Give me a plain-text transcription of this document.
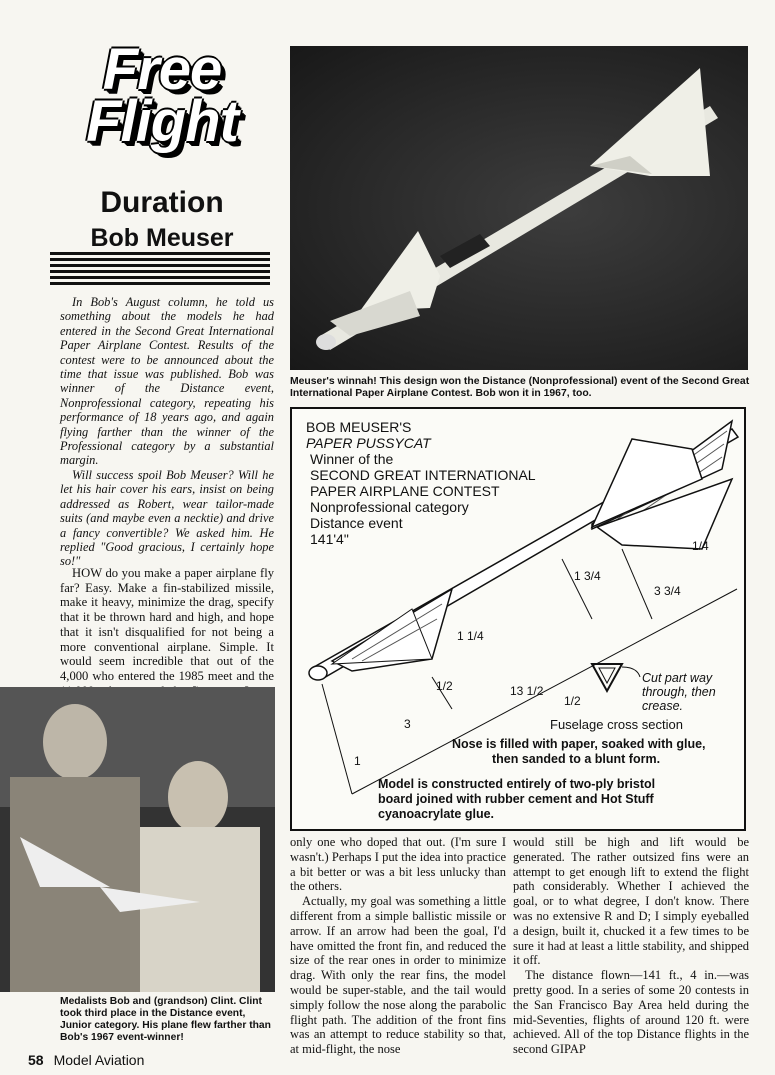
Free
Flight
Duration
Bob Meuser

In Bob's August column, he told us something about the models he had entered in the Second Great International Paper Airplane Contest. Results of the contest were to be announced about the time that issue was published. Bob was winner of the Distance event, Nonprofessional category, repeating his performance of 18 years ago, and again flying farther than the winner of the Professional category by a substantial margin.

Will success spoil Bob Meuser? Will he let his hair cover his ears, insist on being addressed as Robert, wear tailor-made suits (and maybe even a necktie) and drive a fancy convertible? We asked him. He replied "Good gracious, I certainly hope so!"

HOW do you make a paper airplane fly far? Easy. Make a fin-stabilized missile, make it heavy, minimize the drag, specify that it be thrown hard and high, and hope that it isn't disqualified for not being a more conventional airplane. Simple. It would seem incredible that out of the 4,000 who entered the 1985 meet and the

Meuser's winnah! This design won the Distance (Nonprofessional) event of the Second Great International Paper Airplane Contest. Bob won it in 1967, too.
BOB MEUSER'S
PAPER PUSSYCAT
Winner of the
SECOND GREAT INTERNATIONAL
PAPER AIRPLANE CONTEST
Nonprofessional category
Distance event
141'4"	1/4
1 3/4
3 3/4
1 1/4
1/2
1/2
13 1/2
3
1
Cut part way
through, then
crease.
Fuselage cross section
Nose is filled with paper, soaked with glue,
then sanded to a blunt form.
Model is constructed entirely of two-ply bristol
board joined with rubber cement and Hot Stuff
cyanoacrylate glue.
Medalists Bob and (grandson) Clint. Clint took third place in the Distance event, Junior category. His plane flew farther than Bob's 1967 event-winner!

only one who doped that out. (I'm sure I wasn't.) Perhaps I put the idea into practice a bit better or was a bit less unlucky than the others.

Actually, my goal was something a little different from a simple ballistic missile or arrow. If an arrow had been the goal, I'd have omitted the front fin, and reduced the size of the rear ones in order to minimize drag. With only the rear fins, the model would be super-stable, and the tail would simply follow the nose along the parabolic flight path. The addition of the front fins was an attempt to reduce stability so that, at mid-flight, the nose

would still be high and lift would be generated. The rather outsized fins were an attempt to get enough lift to extend the flight path considerably. Whether I achieved the goal, or to what degree, I don't know. There was no extensive R and D; I simply eyeballed a design, built it, chucked it a few times to be sure it had at least a little stability, and shipped it off.

The distance flown—141 ft., 4 in.—was pretty good. In a series of some 20 contests in the San Francisco Bay Area held during the mid-Seventies, flights of around 120 ft. were achieved. All of the top Distance flights in the second GIPAP

58 Model Aviation
